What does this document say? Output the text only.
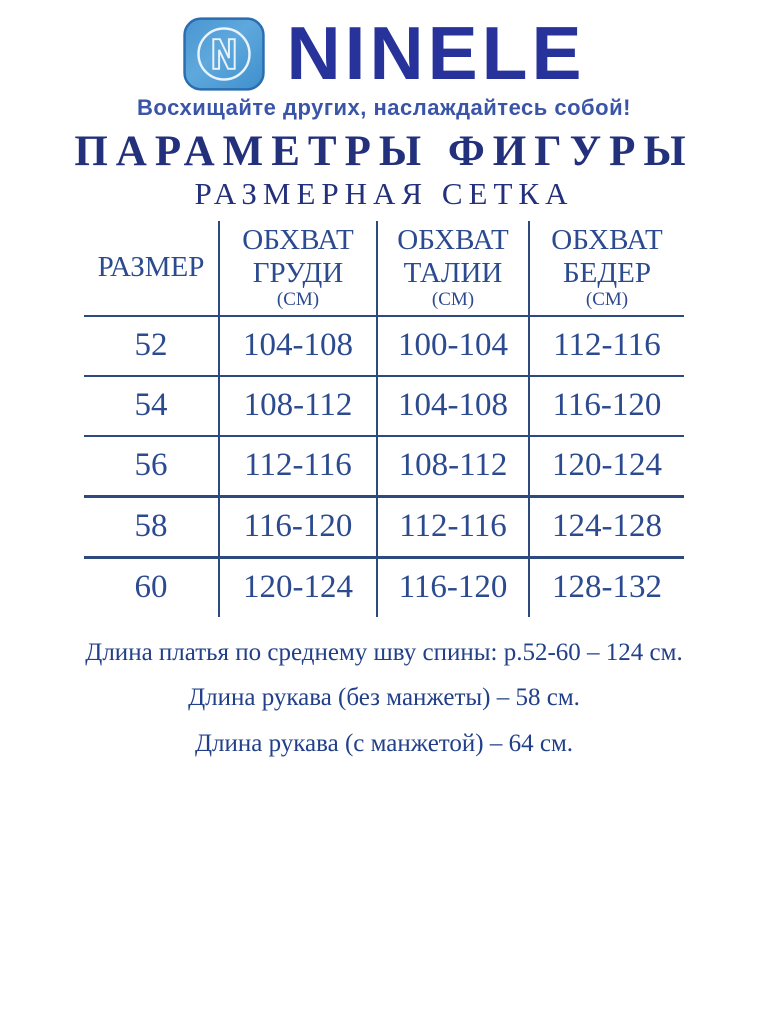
NINELE
Восхищайте других, наслаждайтесь собой!
ПАРАМЕТРЫ ФИГУРЫ
РАЗМЕРНАЯ СЕТКА
РАЗМЕР	ОБХВАТ
ГРУДИ
(СМ)	ОБХВАТ
ТАЛИИ
(СМ)	ОБХВАТ
БЕДЕР
(СМ)

52	104-108	100-104	112-116
54	108-112	104-108	116-120
56	112-116	108-112	120-124
58	116-120	112-116	124-128
60	120-124	116-120	128-132
Длина платья по среднему шву спины: р.52-60 – 124 см.
Длина рукава (без манжеты) – 58 см.
Длина рукава (с манжетой) – 64 см.
